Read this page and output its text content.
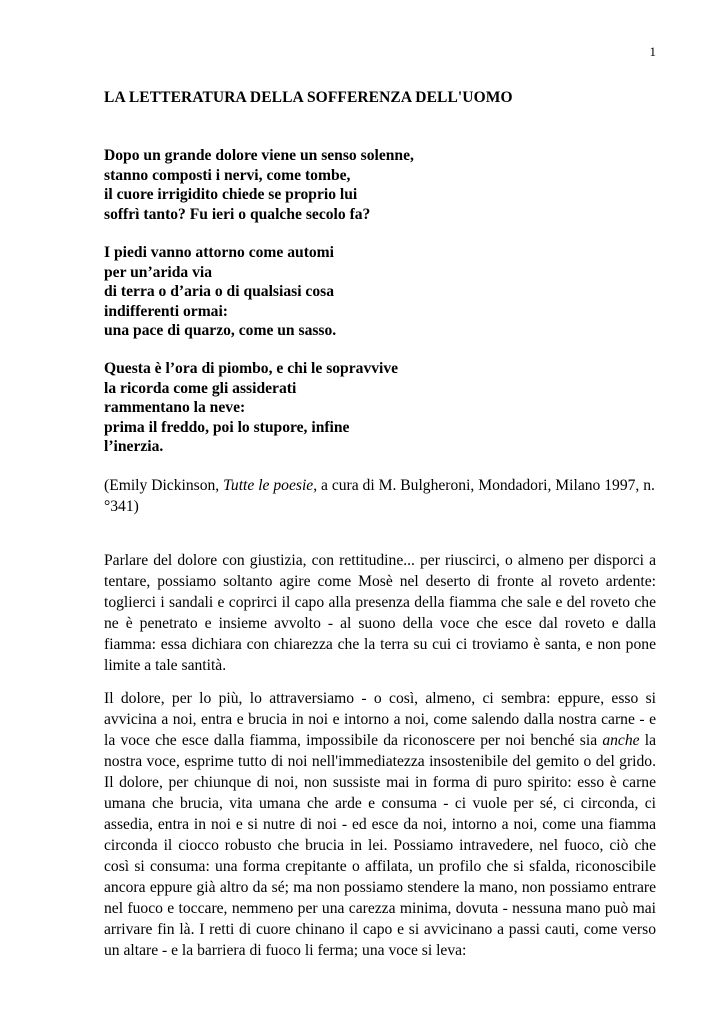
1
LA LETTERATURA DELLA SOFFERENZA DELL'UOMO
Dopo un grande dolore viene un senso solenne,
stanno composti i nervi, come tombe,
il cuore irrigidito chiede se proprio lui
soffrì tanto? Fu ieri o qualche secolo fa?
I piedi vanno attorno come automi
per un’arida via
di terra o d’aria o di qualsiasi cosa
indifferenti ormai:
una pace di quarzo, come un sasso.
Questa è l’ora di piombo, e chi le sopravvive
la ricorda come gli assiderati
rammentano la neve:
prima il freddo, poi lo stupore, infine
l’inerzia.

(Emily Dickinson, Tutte le poesie, a cura di M. Bulgheroni, Mondadori, Milano 1997, n. °341)

Parlare del dolore con giustizia, con rettitudine... per riuscirci, o almeno per disporci a tentare, possiamo soltanto agire come Mosè nel deserto di fronte al roveto ardente: toglierci i sandali e coprirci il capo alla presenza della fiamma che sale e del roveto che ne è penetrato e insieme avvolto - al suono della voce che esce dal roveto e dalla fiamma: essa dichiara con chiarezza che la terra su cui ci troviamo è santa, e non pone limite a tale santità.

Il dolore, per lo più, lo attraversiamo - o così, almeno, ci sembra: eppure, esso si avvicina a noi, entra e brucia in noi e intorno a noi, come salendo dalla nostra carne - e la voce che esce dalla fiamma, impossibile da riconoscere per noi benché sia anche la nostra voce, esprime tutto di noi nell'immediatezza insostenibile del gemito o del grido. Il dolore, per chiunque di noi, non sussiste mai in forma di puro spirito: esso è carne umana che brucia, vita umana che arde e consuma - ci vuole per sé, ci circonda, ci assedia, entra in noi e si nutre di noi - ed esce da noi, intorno a noi, come una fiamma circonda il ciocco robusto che brucia in lei. Possiamo intravedere, nel fuoco, ciò che così si consuma: una forma crepitante o affilata, un profilo che si sfalda, riconoscibile ancora eppure già altro da sé; ma non possiamo stendere la mano, non possiamo entrare nel fuoco e toccare, nemmeno per una carezza minima, dovuta - nessuna mano può mai arrivare fin là. I retti di cuore chinano il capo e si avvicinano a passi cauti, come verso un altare - e la barriera di fuoco li ferma; una voce si leva:
